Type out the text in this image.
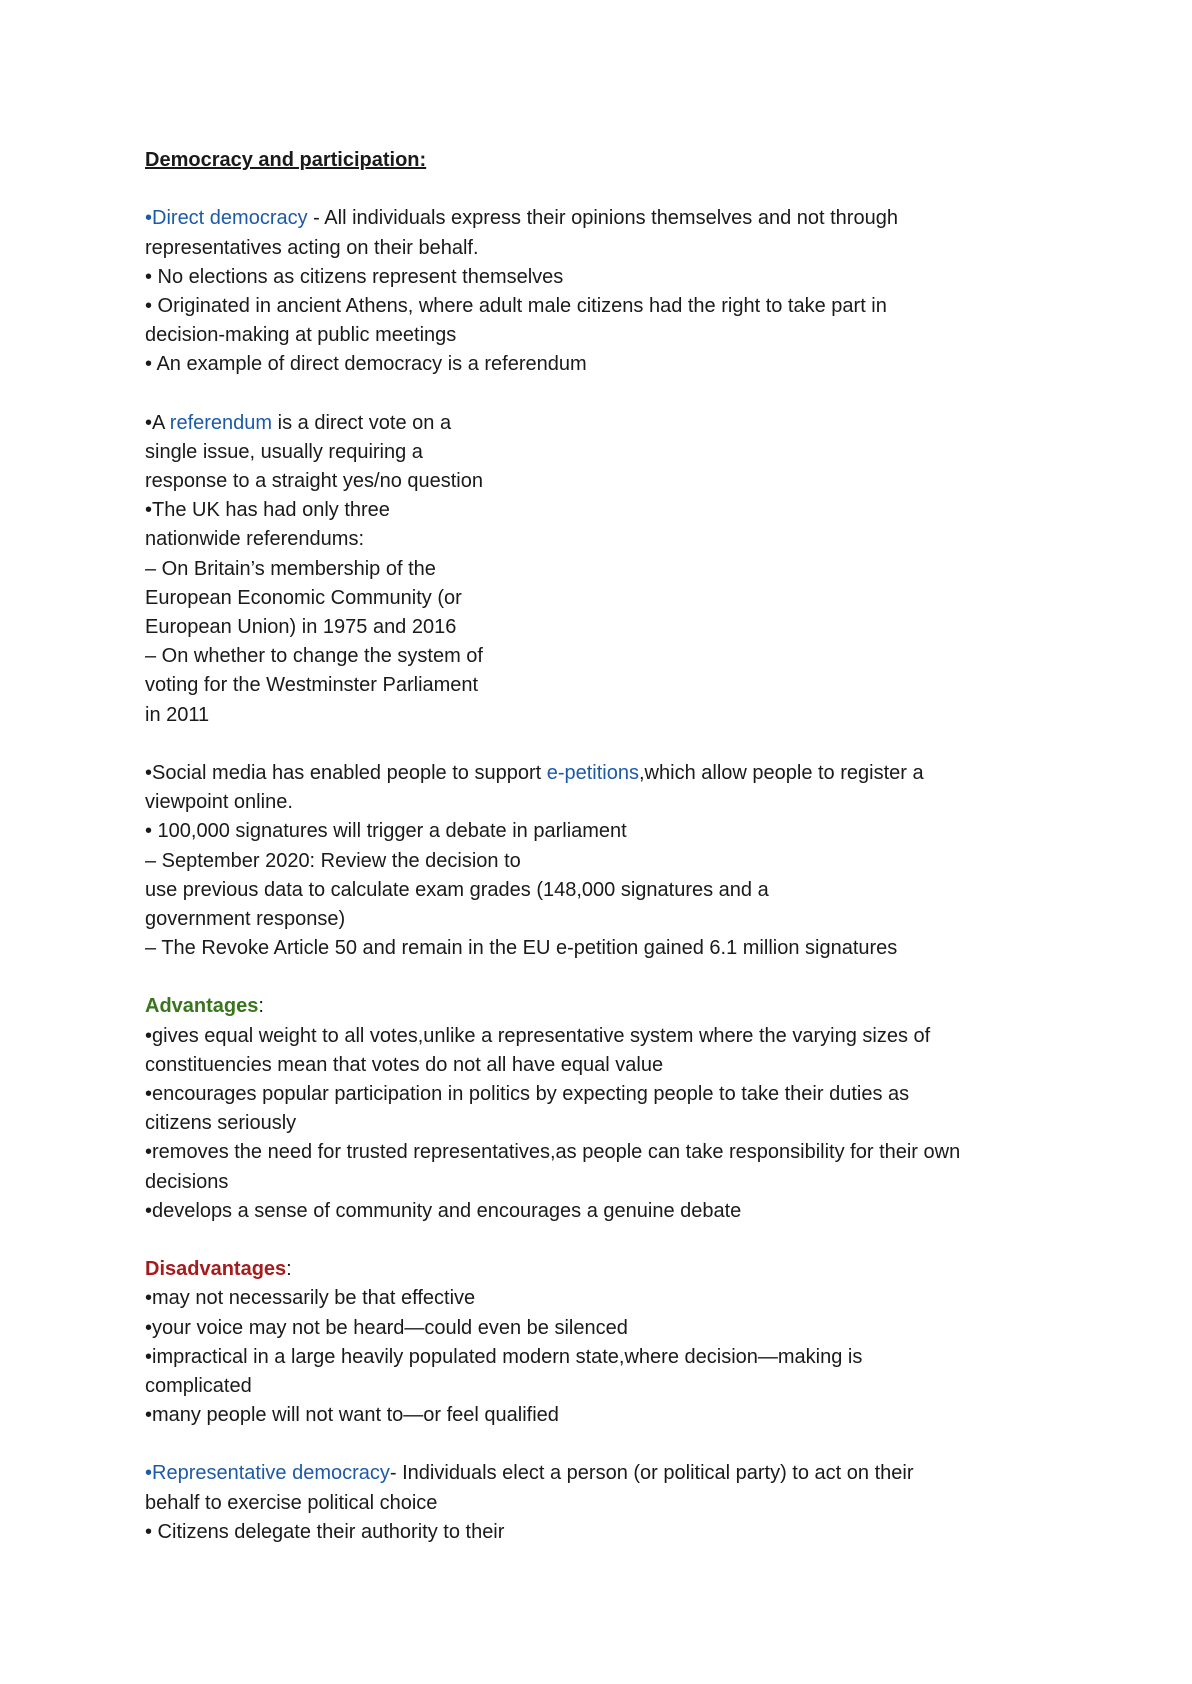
Democracy and participation:
•Direct democracy - All individuals express their opinions themselves and not through
representatives acting on their behalf.
• No elections as citizens represent themselves
• Originated in ancient Athens, where adult male citizens had the right to take part in
decision-making at public meetings
• An example of direct democracy is a referendum
•A referendum is a direct vote on a
single issue, usually requiring a
response to a straight yes/no question
•The UK has had only three
nationwide referendums:
– On Britain’s membership of the
European Economic Community (or
European Union) in 1975 and 2016
– On whether to change the system of
voting for the Westminster Parliament
in 2011
•Social media has enabled people to support e-petitions,which allow people to register a
viewpoint online.
• 100,000 signatures will trigger a debate in parliament
– September 2020: Review the decision to
use previous data to calculate exam grades (148,000 signatures and a
government response)
– The Revoke Article 50 and remain in the EU e-petition gained 6.1 million signatures
Advantages:
•gives equal weight to all votes,unlike a representative system where the varying sizes of
constituencies mean that votes do not all have equal value
•encourages popular participation in politics by expecting people to take their duties as
citizens seriously
•removes the need for trusted representatives,as people can take responsibility for their own
decisions
•develops a sense of community and encourages a genuine debate
Disadvantages:
•may not necessarily be that effective
•your voice may not be heard—could even be silenced
•impractical in a large heavily populated modern state,where decision—making is
complicated
•many people will not want to—or feel qualified
•Representative democracy- Individuals elect a person (or political party) to act on their
behalf to exercise political choice
• Citizens delegate their authority to their
